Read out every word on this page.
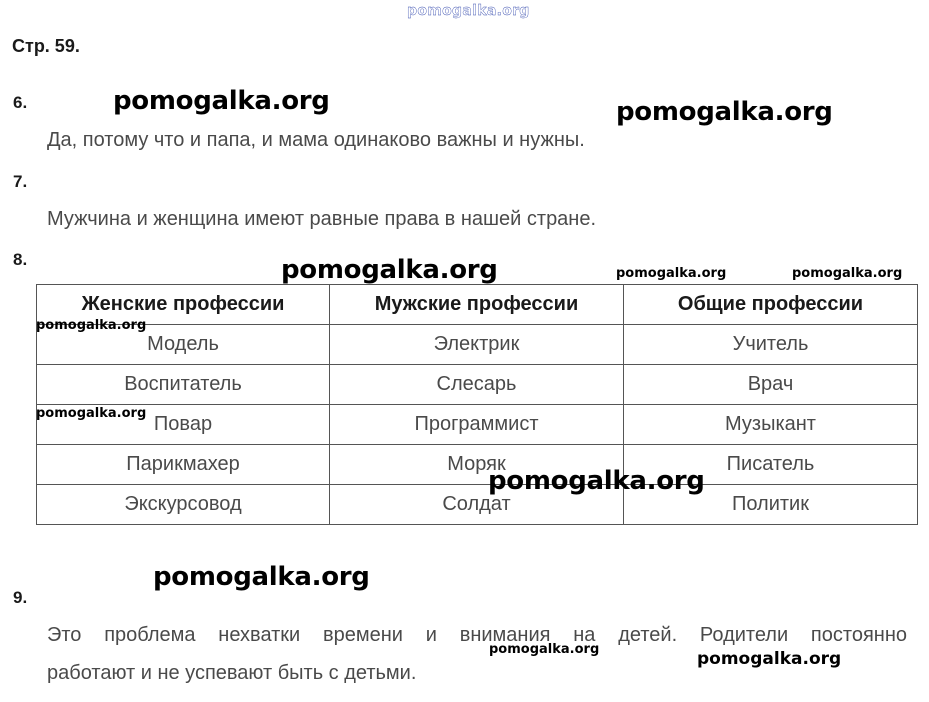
pomogalka.org
Стр. 59.
6.
Да, потому что и папа, и мама одинаково важны и нужны.
7.
Мужчина и женщина имеют равные права в нашей стране.
8.
Женские профессии	Мужские профессии	Общие профессии
Модель	Электрик	Учитель
Воспитатель	Слесарь	Врач
Повар	Программист	Музыкант
Парикмахер	Моряк	Писатель
Экскурсовод	Солдат	Политик
9.
Это проблема нехватки времени и внимания на детей. Родители постоянно
работают и не успевают быть с детьми.
pomogalka.org	pomogalka.org
pomogalka.org	pomogalka.org	pomogalka.org
pomogalka.org
pomogalka.org
pomogalka.org
pomogalka.org
pomogalka.org	pomogalka.org
